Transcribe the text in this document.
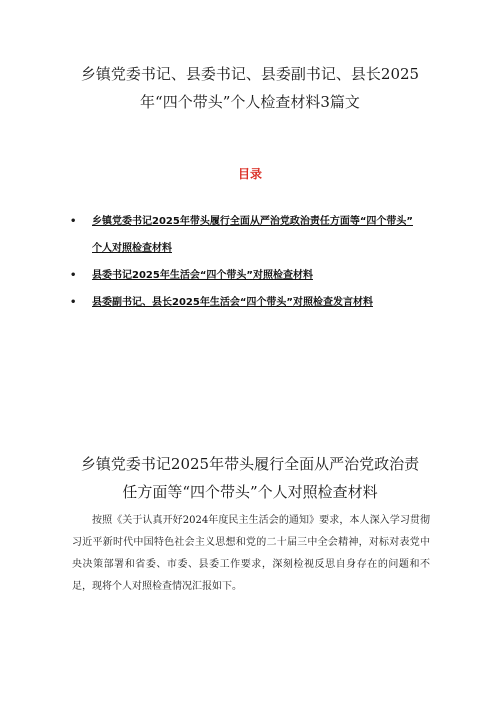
乡镇党委书记、县委书记、县委副书记、县长2025
年“四个带头”个人检查材料3篇文
目录
• 乡镇党委书记2025年带头履行全面从严治党政治责任方面等“四个带头”
个人对照检查材料
• 县委书记2025年生活会“四个带头”对照检查材料
• 县委副书记、县长2025年生活会“四个带头”对照检查发言材料
乡镇党委书记2025年带头履行全面从严治党政治责
任方面等“四个带头”个人对照检查材料

按照《关于认真开好2024年度民主生活会的通知》要求，本人深入学习贯彻习近平新时代中国特色社会主义思想和党的二十届三中全会精神，对标对表党中央决策部署和省委、市委、县委工作要求，深刻检视反思自身存在的问题和不足，现将个人对照检查情况汇报如下。
